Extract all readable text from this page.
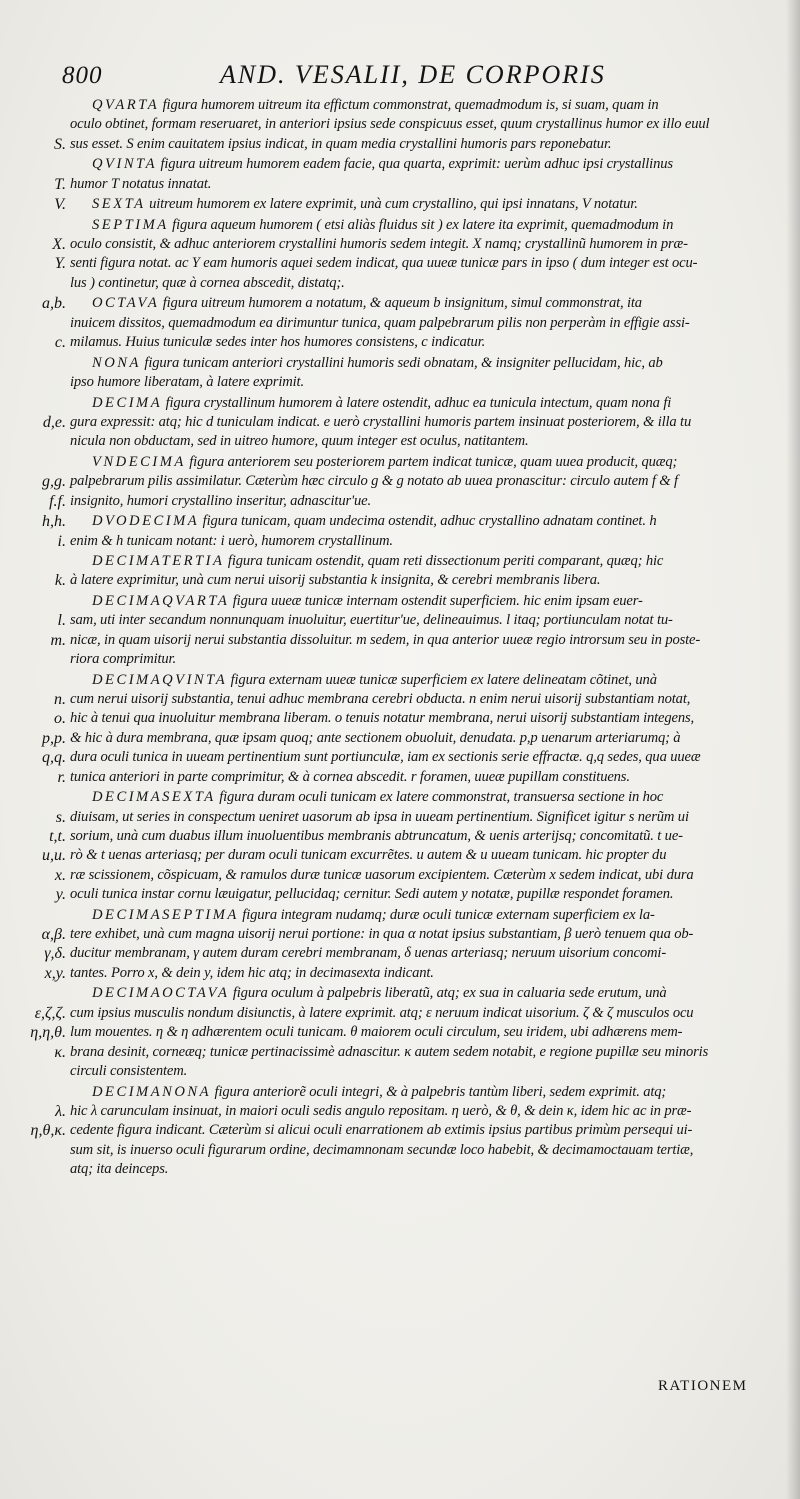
800	AND. VESALII, DE CORPORIS
QVARTA figura humorem uitreum ita effictum commonstrat, quemadmodum is, si suam, quam in
oculo obtinet, formam reseruaret, in anteriori ipsius sede conspicuus esset, quum crystallinus humor ex illo euul
S. sus esset. S enim cauitatem ipsius indicat, in quam media crystallini humoris pars reponebatur.
QVINTA figura uitreum humorem eadem facie, qua quarta, exprimit: uerùm adhuc ipsi crystallinus
T. humor T notatus innatat.
V. SEXTA uitreum humorem ex latere exprimit, unà cum crystallino, qui ipsi innatans, V notatur.
SEPTIMA figura aqueum humorem ( etsi aliàs fluidus sit ) ex latere ita exprimit, quemadmodum in
X. oculo consistit, & adhuc anteriorem crystallini humoris sedem integit. X namq; crystallinũ humorem in præ-
Y. senti figura notat. ac Y eam humoris aquei sedem indicat, qua uueæ tunicæ pars in ipso ( dum integer est ocu-
lus ) continetur, quæ à cornea abscedit, distatq;.
a,b. OCTAVA figura uitreum humorem a notatum, & aqueum b insignitum, simul commonstrat, ita
inuicem dissitos, quemadmodum ea dirimuntur tunica, quam palpebrarum pilis non perperàm in effigie assi-
c. milamus. Huius tuniculæ sedes inter hos humores consistens, c indicatur.
NONA figura tunicam anteriori crystallini humoris sedi obnatam, & insigniter pellucidam, hic, ab
ipso humore liberatam, à latere exprimit.
DECIMA figura crystallinum humorem à latere ostendit, adhuc ea tunicula intectum, quam nona fi
d,e. gura expressit: atq; hic d tuniculam indicat. e uerò crystallini humoris partem insinuat posteriorem, & illa tu
nicula non obductam, sed in uitreo humore, quum integer est oculus, natitantem.
VNDECIMA figura anteriorem seu posteriorem partem indicat tunicæ, quam uuea producit, quæq;
g,g. palpebrarum pilis assimilatur. Cæterùm hæc circulo g & g notato ab uuea pronascitur: circulo autem f & f
f.f. insignito, humori crystallino inseritur, adnascitur'ue.
h,h. DVODECIMA figura tunicam, quam undecima ostendit, adhuc crystallino adnatam continet. h
i. enim & h tunicam notant: i uerò, humorem crystallinum.
DECIMATERTIA figura tunicam ostendit, quam reti dissectionum periti comparant, quæq; hic
k. à latere exprimitur, unà cum nerui uisorij substantia k insignita, & cerebri membranis libera.
DECIMAQVARTA figura uueæ tunicæ internam ostendit superficiem. hic enim ipsam euer-
l. sam, uti inter secandum nonnunquam inuoluitur, euertitur'ue, delineauimus. l itaq; portiunculam notat tu-
m. nicæ, in quam uisorij nerui substantia dissoluitur. m sedem, in qua anterior uueæ regio introrsum seu in poste-
riora comprimitur.
DECIMAQVINTA figura externam uueæ tunicæ superficiem ex latere delineatam cõtinet, unà
n. cum nerui uisorij substantia, tenui adhuc membrana cerebri obducta. n enim nerui uisorij substantiam notat,
o. hic à tenui qua inuoluitur membrana liberam. o tenuis notatur membrana, nerui uisorij substantiam integens,
p,p. & hic à dura membrana, quæ ipsam quoq; ante sectionem obuoluit, denudata. p,p uenarum arteriarumq; à
q,q. dura oculi tunica in uueam pertinentium sunt portiunculæ, iam ex sectionis serie effractæ. q,q sedes, qua uueæ
r. tunica anteriori in parte comprimitur, & à cornea abscedit. r foramen, uueæ pupillam constituens.
DECIMASEXTA figura duram oculi tunicam ex latere commonstrat, transuersa sectione in hoc
s. diuisam, ut series in conspectum ueniret uasorum ab ipsa in uueam pertinentium. Significet igitur s nerũm ui
t,t. sorium, unà cum duabus illum inuoluentibus membranis abtruncatum, & uenis arterijsq; concomitatũ. t ue-
u,u. rò & t uenas arteriasq; per duram oculi tunicam excurrẽtes. u autem & u uueam tunicam. hic propter du
x. ræ scissionem, cõspicuam, & ramulos duræ tunicæ uasorum excipientem. Cæterùm x sedem indicat, ubi dura
y. oculi tunica instar cornu læuigatur, pellucidaq; cernitur. Sedi autem y notatæ, pupillæ respondet foramen.
DECIMASEPTIMA figura integram nudamq; duræ oculi tunicæ externam superficiem ex la-
α,β. tere exhibet, unà cum magna uisorij nerui portione: in qua α notat ipsius substantiam, β uerò tenuem qua ob-
γ,δ. ducitur membranam, γ autem duram cerebri membranam, δ uenas arteriasq; neruum uisorium concomi-
x,y. tantes. Porro x, & dein y, idem hic atq; in decimasexta indicant.
DECIMAOCTAVA figura oculum à palpebris liberatũ, atq; ex sua in caluaria sede erutum, unà
ε,ζ,ζ. cum ipsius musculis nondum disiunctis, à latere exprimit. atq; ε neruum indicat uisorium. ζ & ζ musculos ocu
η,η,θ. lum mouentes. η & η adhærentem oculi tunicam. θ maiorem oculi circulum, seu iridem, ubi adhærens mem-
κ. brana desinit, corneæq; tunicæ pertinacissimè adnascitur. κ autem sedem notabit, e regione pupillæ seu minoris
circuli consistentem.
DECIMANONA figura anteriorẽ oculi integri, & à palpebris tantùm liberi, sedem exprimit. atq;
λ. hic λ carunculam insinuat, in maiori oculi sedis angulo repositam. η uerò, & θ, & dein κ, idem hic ac in præ-
η,θ,κ. cedente figura indicant. Cæterùm si alicui oculi enarrationem ab extimis ipsius partibus primùm persequi ui-
sum sit, is inuerso oculi figurarum ordine, decimamnonam secundæ loco habebit, & decimamoctauam tertiæ,
atq; ita deinceps.
RATIONEM
